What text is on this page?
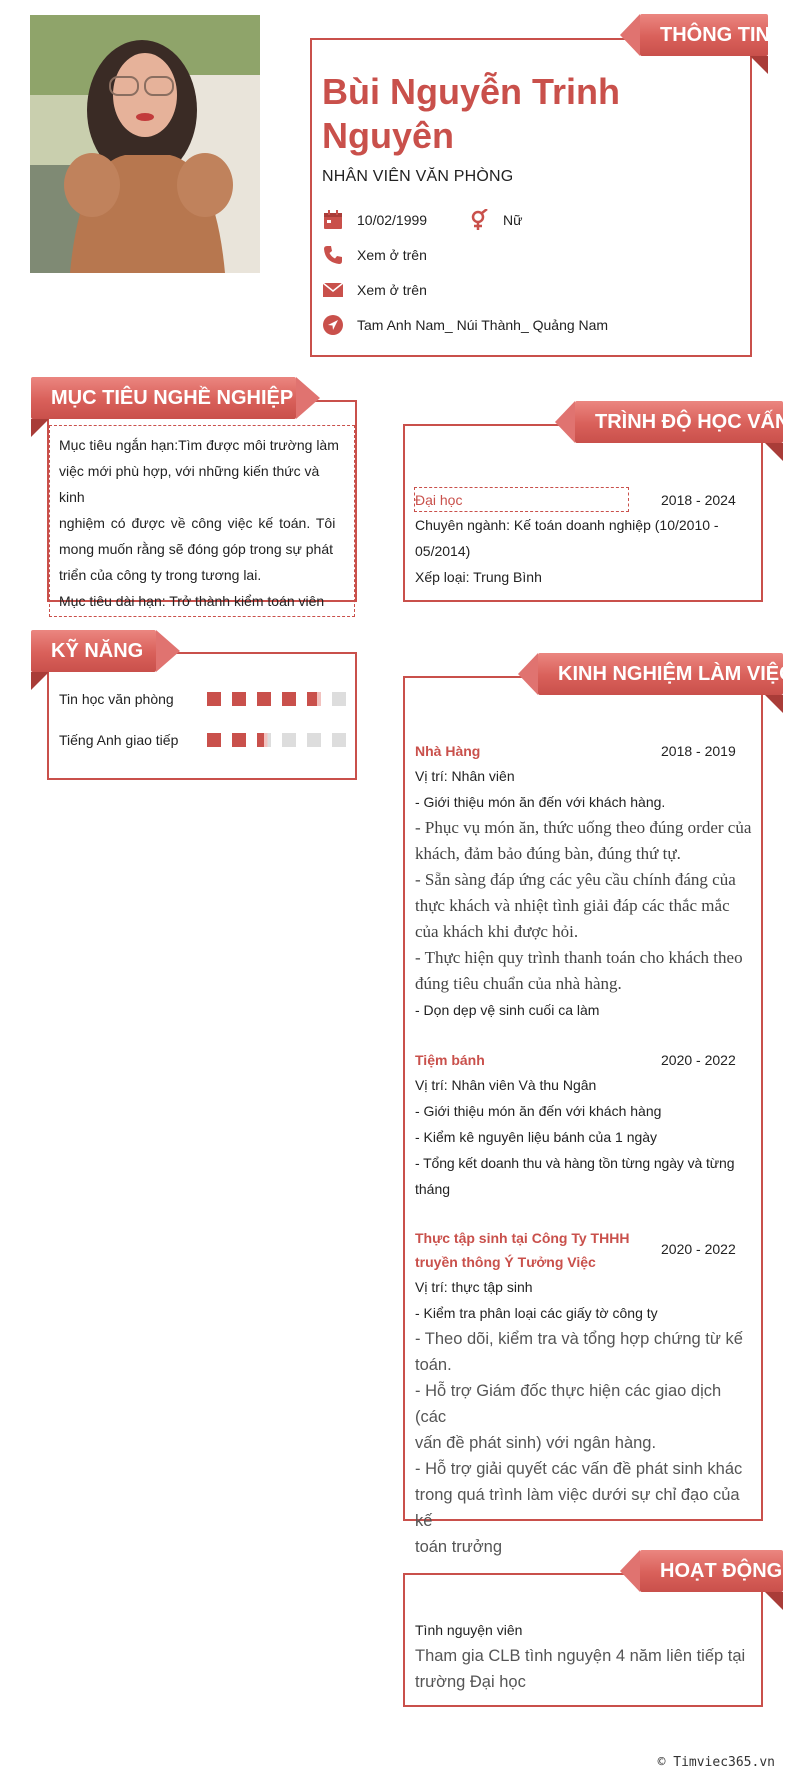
THÔNG TIN
Bùi Nguyễn Trinh
Nguyên
NHÂN VIÊN VĂN PHÒNG
10/02/1999	Nữ
Xem ở trên
Xem ở trên
Tam Anh Nam_ Núi Thành_ Quảng Nam
MỤC TIÊU NGHỀ NGHIỆP
Mục tiêu ngắn hạn:Tìm được môi trường làm
việc mới phù hợp, với những kiến thức và kinh
nghiệm có được về công việc kế toán. Tôi
mong muốn rằng sẽ đóng góp trong sự phát
triển của công ty trong tương lai.
Mục tiêu dài hạn: Trở thành kiểm toán viên
TRÌNH ĐỘ HỌC VẤN
Đại học	2018 - 2024
Chuyên ngành: Kế toán doanh nghiệp (10/2010 -
05/2014)
Xếp loại: Trung Bình
KỸ NĂNG
Tin học văn phòng
Tiếng Anh giao tiếp
KINH NGHIỆM LÀM VIỆC
Nhà Hàng	2018 - 2019
Vị trí: Nhân viên
- Giới thiệu món ăn đến với khách hàng.
- Phục vụ món ăn, thức uống theo đúng order của
khách, đảm bảo đúng bàn, đúng thứ tự.
- Sẵn sàng đáp ứng các yêu cầu chính đáng của
thực khách và nhiệt tình giải đáp các thắc mắc
của khách khi được hỏi.
- Thực hiện quy trình thanh toán cho khách theo
đúng tiêu chuẩn của nhà hàng.
- Dọn dẹp vệ sinh cuối ca làm
Tiệm bánh	2020 - 2022
Vị trí: Nhân viên Và thu Ngân
- Giới thiệu món ăn đến với khách hàng
- Kiểm kê nguyên liệu bánh của 1 ngày
- Tổng kết doanh thu và hàng tồn từng ngày và từng
tháng
Thực tập sinh tại Công Ty THHH
truyền thông Ý Tưởng Việc
2020 - 2022
Vị trí: thực tập sinh
- Kiểm tra phân loại các giấy tờ công ty
- Theo dõi, kiểm tra và tổng hợp chứng từ kế
toán.
- Hỗ trợ Giám đốc thực hiện các giao dịch (các
vấn đề phát sinh) với ngân hàng.
- Hỗ trợ giải quyết các vấn đề phát sinh khác
trong quá trình làm việc dưới sự chỉ đạo của kế
toán trưởng
HOẠT ĐỘNG
Tình nguyện viên
Tham gia CLB tình nguyện 4 năm liên tiếp tại
trường Đại học
© Timviec365.vn
